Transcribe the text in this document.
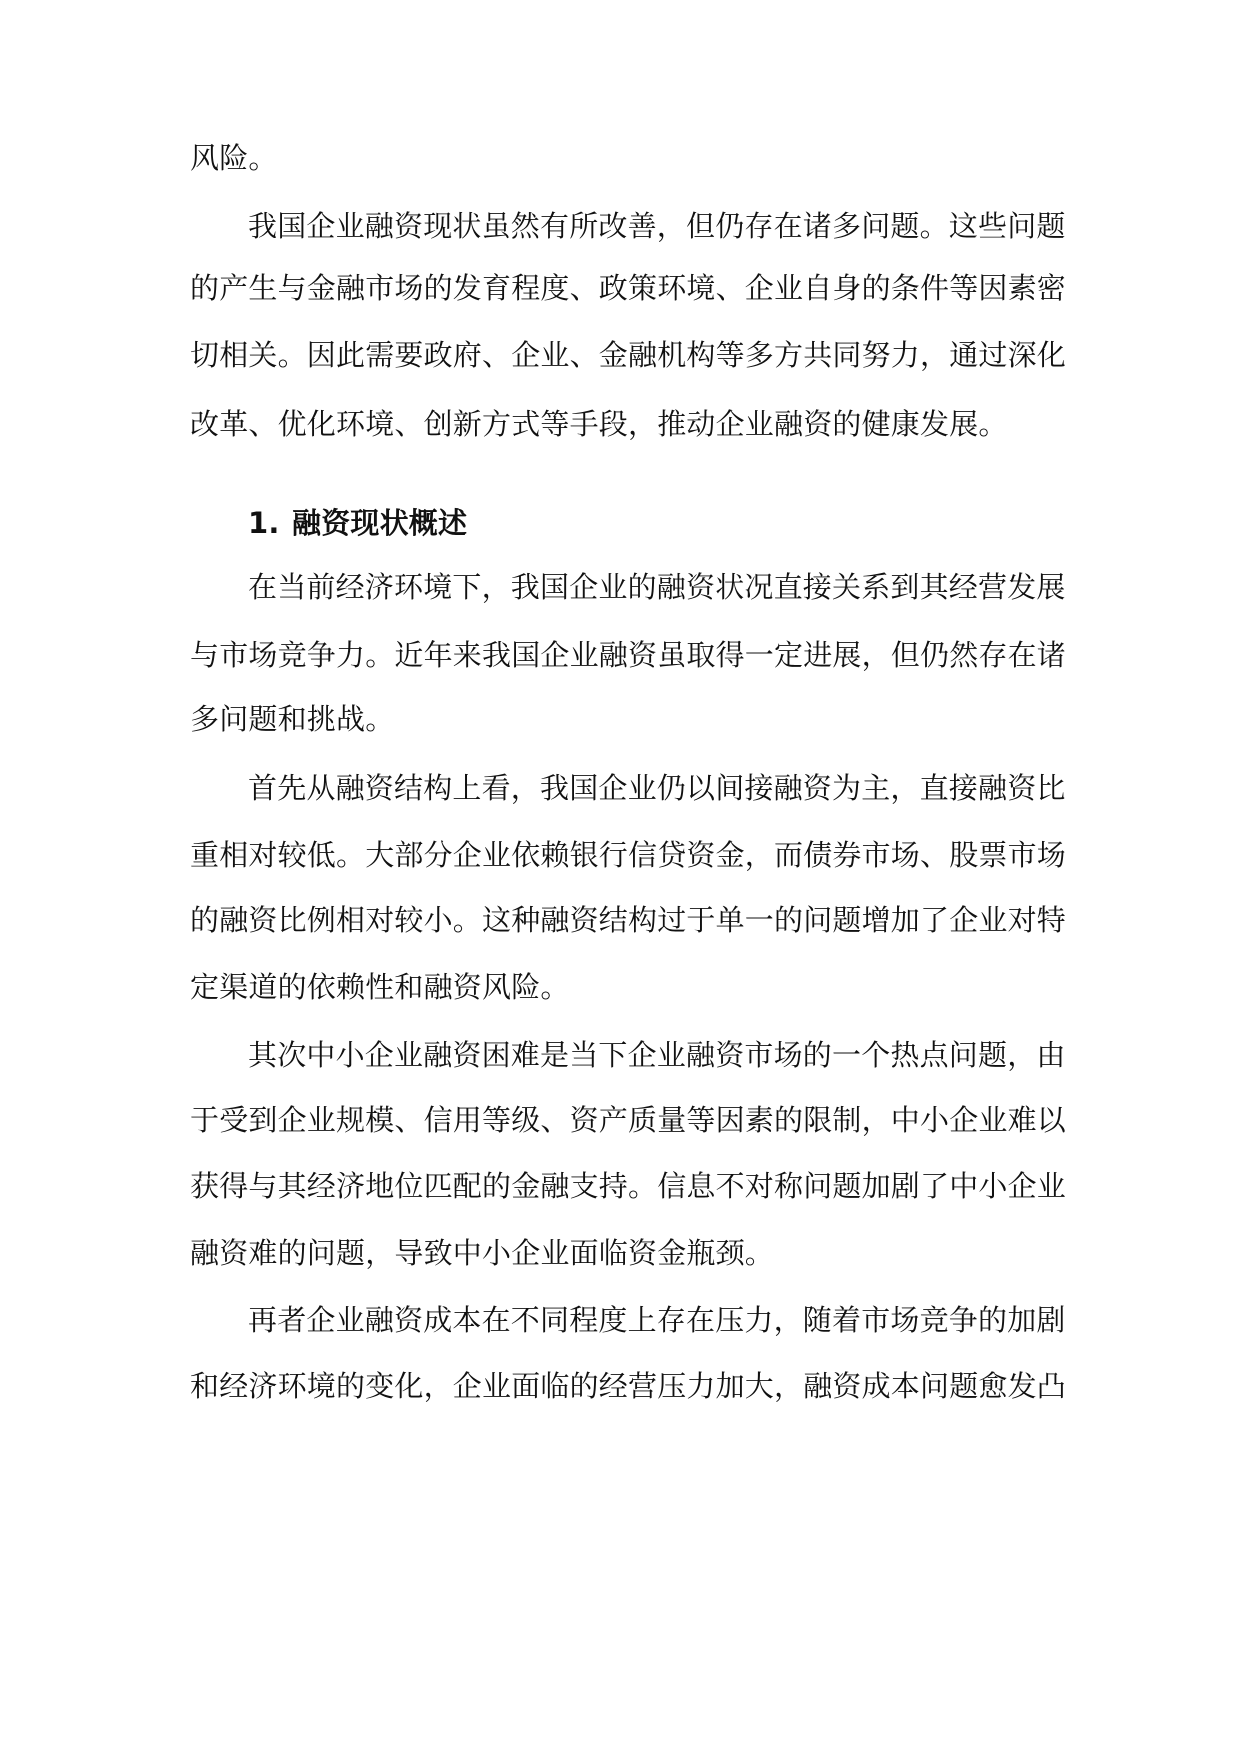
风险。
我国企业融资现状虽然有所改善，但仍存在诸多问题。这些问题
的产生与金融市场的发育程度、政策环境、企业自身的条件等因素密
切相关。因此需要政府、企业、金融机构等多方共同努力，通过深化
改革、优化环境、创新方式等手段，推动企业融资的健康发展。
1. 融资现状概述
在当前经济环境下，我国企业的融资状况直接关系到其经营发展
与市场竞争力。近年来我国企业融资虽取得一定进展，但仍然存在诸
多问题和挑战。
首先从融资结构上看，我国企业仍以间接融资为主，直接融资比
重相对较低。大部分企业依赖银行信贷资金，而债券市场、股票市场
的融资比例相对较小。这种融资结构过于单一的问题增加了企业对特
定渠道的依赖性和融资风险。
其次中小企业融资困难是当下企业融资市场的一个热点问题，由
于受到企业规模、信用等级、资产质量等因素的限制，中小企业难以
获得与其经济地位匹配的金融支持。信息不对称问题加剧了中小企业
融资难的问题，导致中小企业面临资金瓶颈。
再者企业融资成本在不同程度上存在压力，随着市场竞争的加剧
和经济环境的变化，企业面临的经营压力加大，融资成本问题愈发凸
